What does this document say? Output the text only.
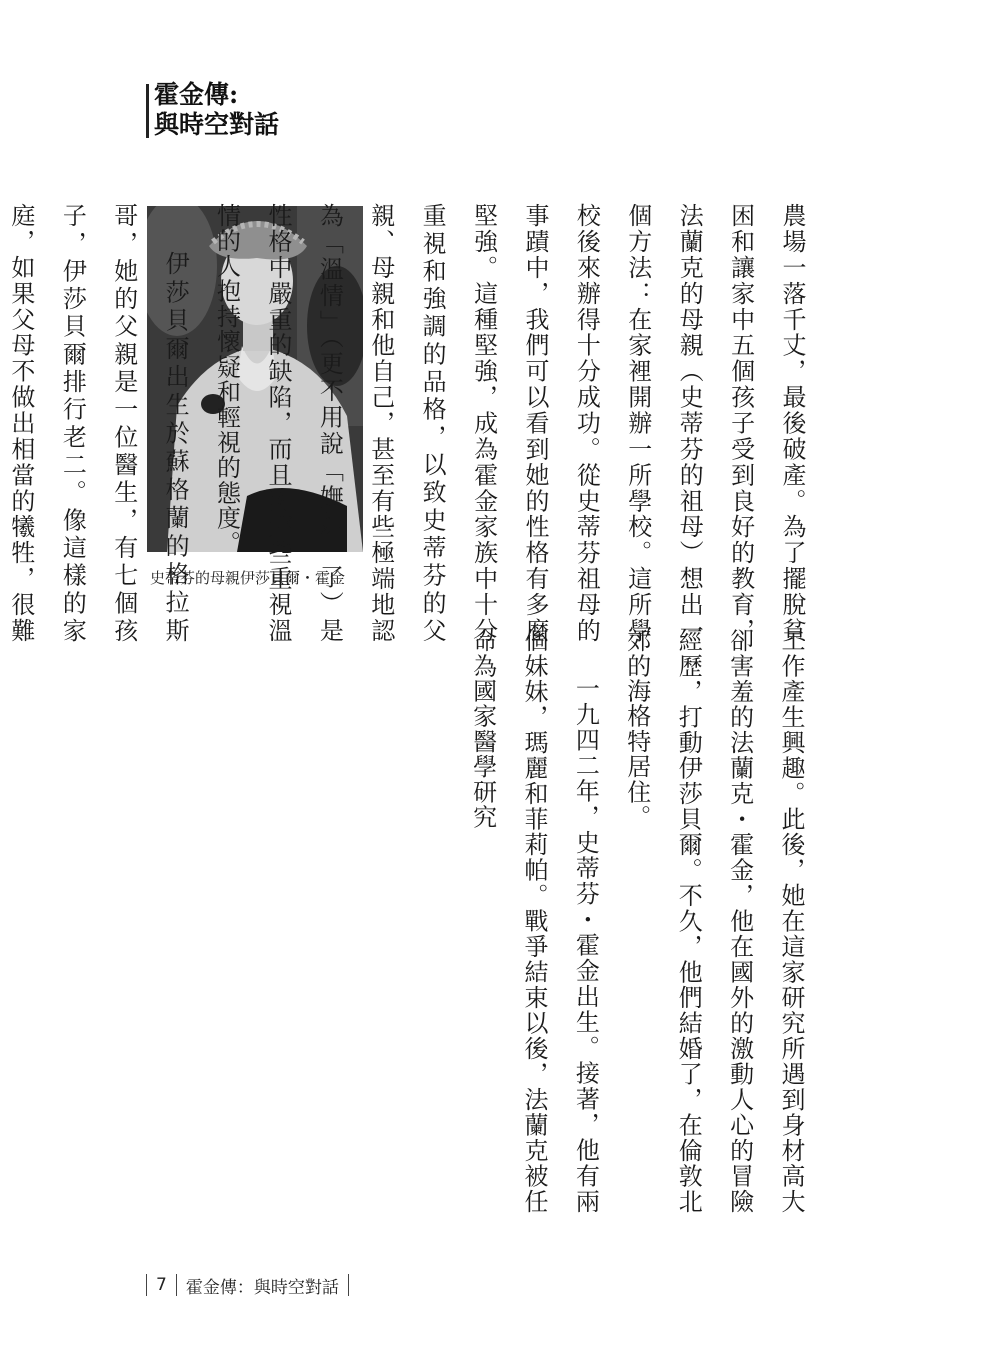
霍金傳:
與時空對話
史蒂芬的母親伊莎貝爾・霍金	農場一落千丈，最後破產。為了擺脫貧困和讓家中五個孩子受到良好的教育，法蘭克的母親（史蒂芬的祖母）想出一個方法：在家裡開辦一所學校。這所學校後來辦得十分成功。從史蒂芬祖母的事蹟中，我們可以看到她的性格有多麼堅強。這種堅強，成為霍金家族中十分重視和強調的品格，以致史蒂芬的父親、母親和他自己，甚至有些極端地認為「溫情」（更不用說「嫵媚」了）是性格中嚴重的缺陷，而且對那些重視溫情的人抱持懷疑和輕視的態度。

伊莎貝爾出生於蘇格蘭的格拉斯哥，她的父親是一位醫生，有七個孩子，伊莎貝爾排行老二。像這樣的家庭，如果父母不做出相當的犧牲，很難	工作產生興趣。此後，她在這家研究所遇到身材高大卻害羞的法蘭克・霍金，他在國外的激動人心的冒險經歷，打動伊莎貝爾。不久，他們結婚了，在倫敦北郊的海格特居住。

一九四二年，史蒂芬・霍金出生。接著，他有兩個妹妹，瑪麗和菲莉帕。戰爭結束以後，法蘭克被任命為國家醫學研究

7 霍金傳：與時空對話
